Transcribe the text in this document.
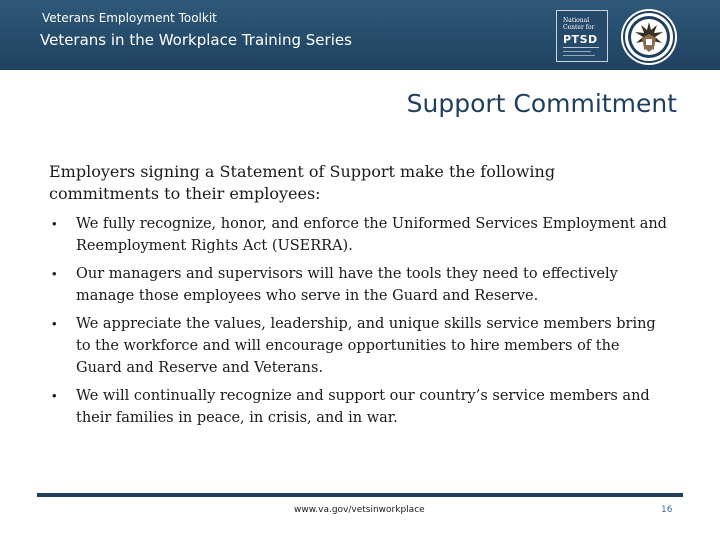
Veterans Employment Toolkit
Veterans in the Workplace Training Series
National
Center for
PTSD
Support Commitment
Employers signing a Statement of Support make the following commitments to their employees:
• We fully recognize, honor, and enforce the Uniformed Services Employment and Reemployment Rights Act (USERRA).
• Our managers and supervisors will have the tools they need to effectively manage those employees who serve in the Guard and Reserve.
• We appreciate the values, leadership, and unique skills service members bring to the workforce and will encourage opportunities to hire members of the Guard and Reserve and Veterans.
• We will continually recognize and support our country’s service members and their families in peace, in crisis, and in war.
www.va.gov/vetsinworkplace	16
